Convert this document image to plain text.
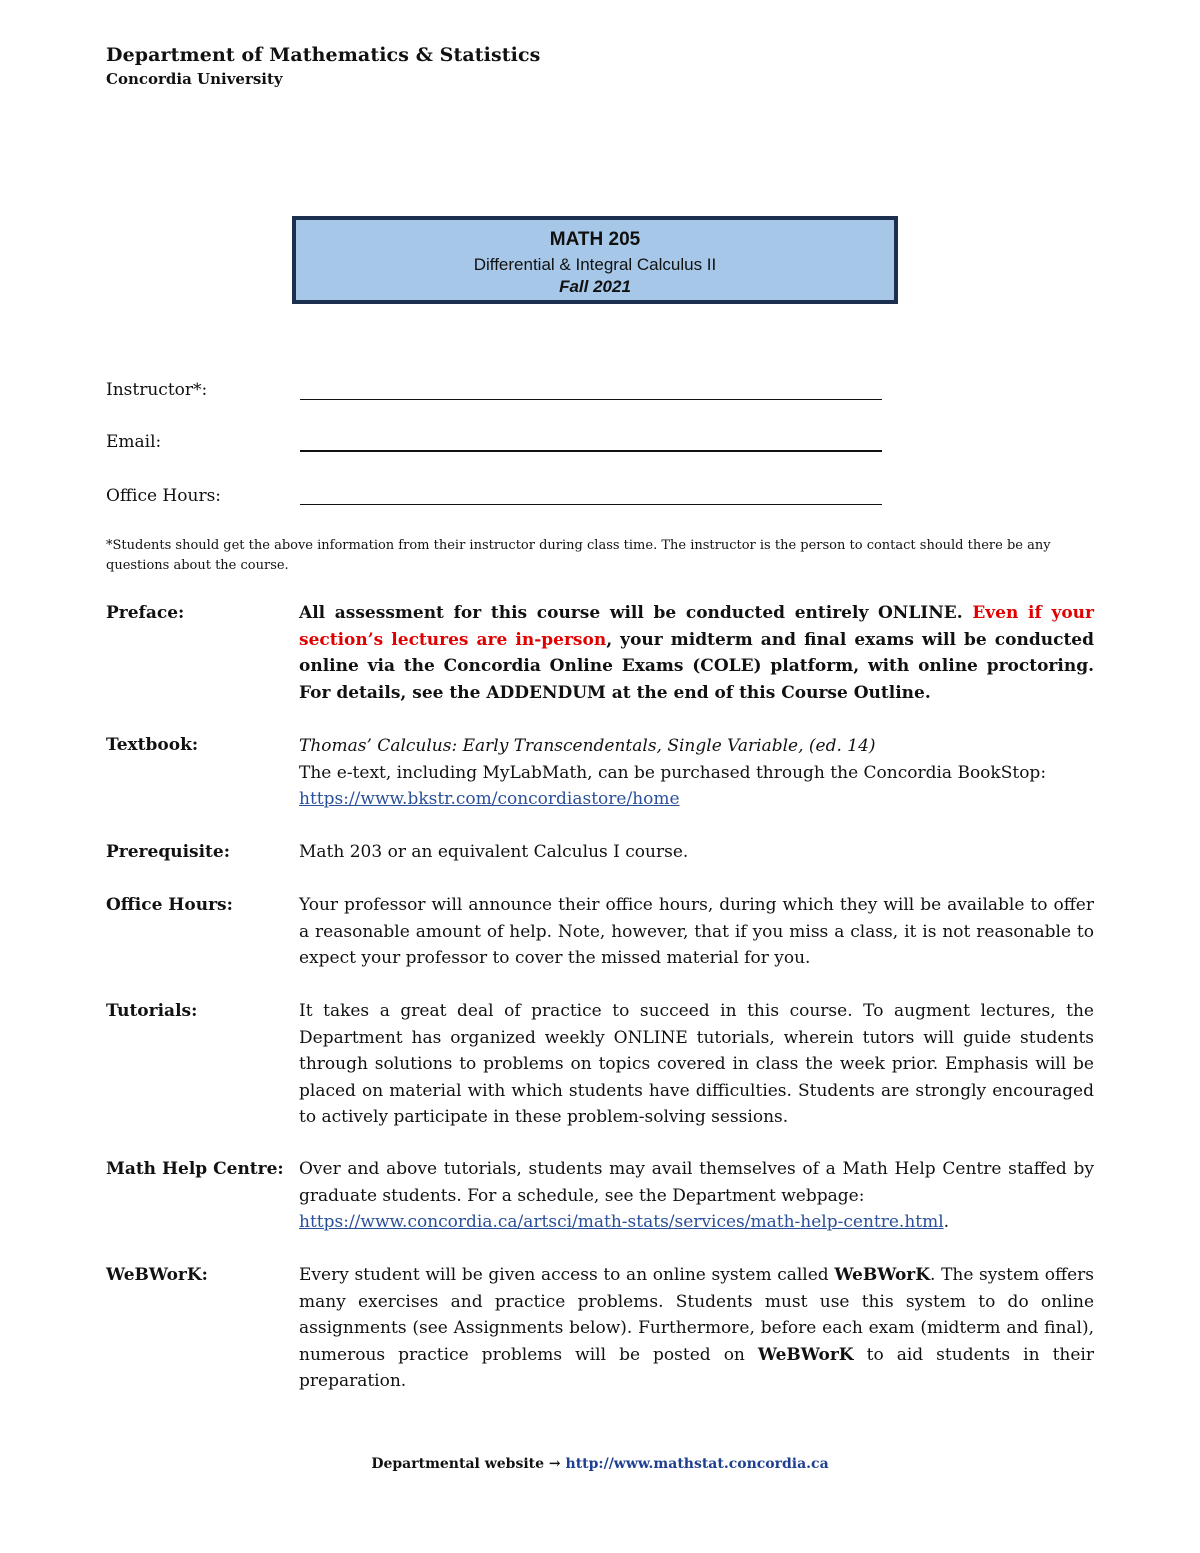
Department of Mathematics & Statistics
Concordia University
MATH 205
Differential & Integral Calculus II
Fall 2021
Instructor*:
Email:
Office Hours:
*Students should get the above information from their instructor during class time. The instructor is the person to contact should there be any questions about the course.
Preface:	All assessment for this course will be conducted entirely ONLINE. Even if your section’s lectures are in-person, your midterm and final exams will be conducted online via the Concordia Online Exams (COLE) platform, with online proctoring. For details, see the ADDENDUM at the end of this Course Outline.
Textbook:	Thomas’ Calculus: Early Transcendentals, Single Variable, (ed. 14)
The e-text, including MyLabMath, can be purchased through the Concordia BookStop:
https://www.bkstr.com/concordiastore/home
Prerequisite:	Math 203 or an equivalent Calculus I course.
Office Hours:	Your professor will announce their office hours, during which they will be available to offer a reasonable amount of help. Note, however, that if you miss a class, it is not reasonable to expect your professor to cover the missed material for you.
Tutorials:	It takes a great deal of practice to succeed in this course. To augment lectures, the Department has organized weekly ONLINE tutorials, wherein tutors will guide students through solutions to problems on topics covered in class the week prior. Emphasis will be placed on material with which students have difficulties. Students are strongly encouraged to actively participate in these problem-solving sessions.
Math Help Centre: Over and above tutorials, students may avail themselves of a Math Help Centre staffed by graduate students. For a schedule, see the Department webpage:
https://www.concordia.ca/artsci/math-stats/services/math-help-centre.html.
WeBWorK:	Every student will be given access to an online system called WeBWorK. The system offers many exercises and practice problems. Students must use this system to do online assignments (see Assignments below). Furthermore, before each exam (midterm and final), numerous practice problems will be posted on WeBWorK to aid students in their preparation.
Departmental website → http://www.mathstat.concordia.ca
